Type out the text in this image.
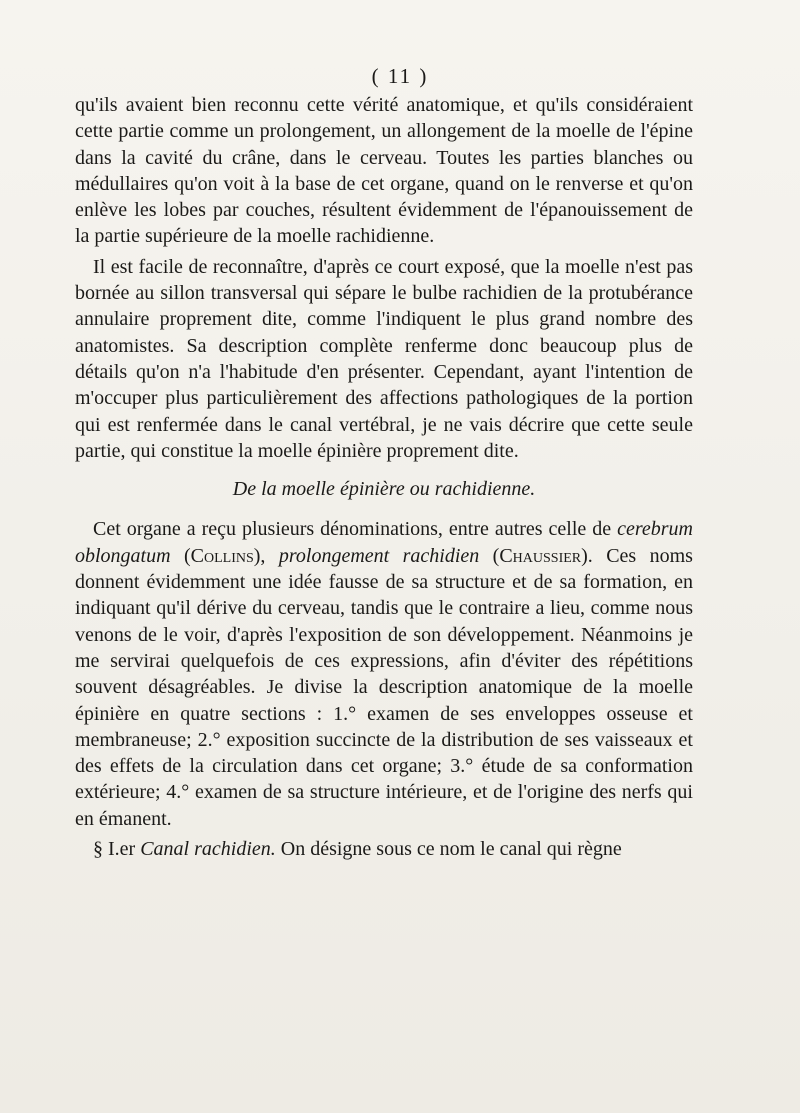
( 11 )

qu'ils avaient bien reconnu cette vérité anatomique, et qu'ils considéraient cette partie comme un prolongement, un allongement de la moelle de l'épine dans la cavité du crâne, dans le cerveau. Toutes les parties blanches ou médullaires qu'on voit à la base de cet organe, quand on le renverse et qu'on enlève les lobes par couches, résultent évidemment de l'épanouissement de la partie supérieure de la moelle rachidienne.

Il est facile de reconnaître, d'après ce court exposé, que la moelle n'est pas bornée au sillon transversal qui sépare le bulbe rachidien de la protubérance annulaire proprement dite, comme l'indiquent le plus grand nombre des anatomistes. Sa description complète renferme donc beaucoup plus de détails qu'on n'a l'habitude d'en présenter. Cependant, ayant l'intention de m'occuper plus particulièrement des affections pathologiques de la portion qui est renfermée dans le canal vertébral, je ne vais décrire que cette seule partie, qui constitue la moelle épinière proprement dite.

De la moelle épinière ou rachidienne.

Cet organe a reçu plusieurs dénominations, entre autres celle de cerebrum oblongatum (Collins), prolongement rachidien (Chaussier). Ces noms donnent évidemment une idée fausse de sa structure et de sa formation, en indiquant qu'il dérive du cerveau, tandis que le contraire a lieu, comme nous venons de le voir, d'après l'exposition de son développement. Néanmoins je me servirai quelquefois de ces expressions, afin d'éviter des répétitions souvent désagréables. Je divise la description anatomique de la moelle épinière en quatre sections : 1.° examen de ses enveloppes osseuse et membraneuse; 2.° exposition succincte de la distribution de ses vaisseaux et des effets de la circulation dans cet organe; 3.° étude de sa conformation extérieure; 4.° examen de sa structure intérieure, et de l'origine des nerfs qui en émanent.

§ I.er Canal rachidien. On désigne sous ce nom le canal qui règne
